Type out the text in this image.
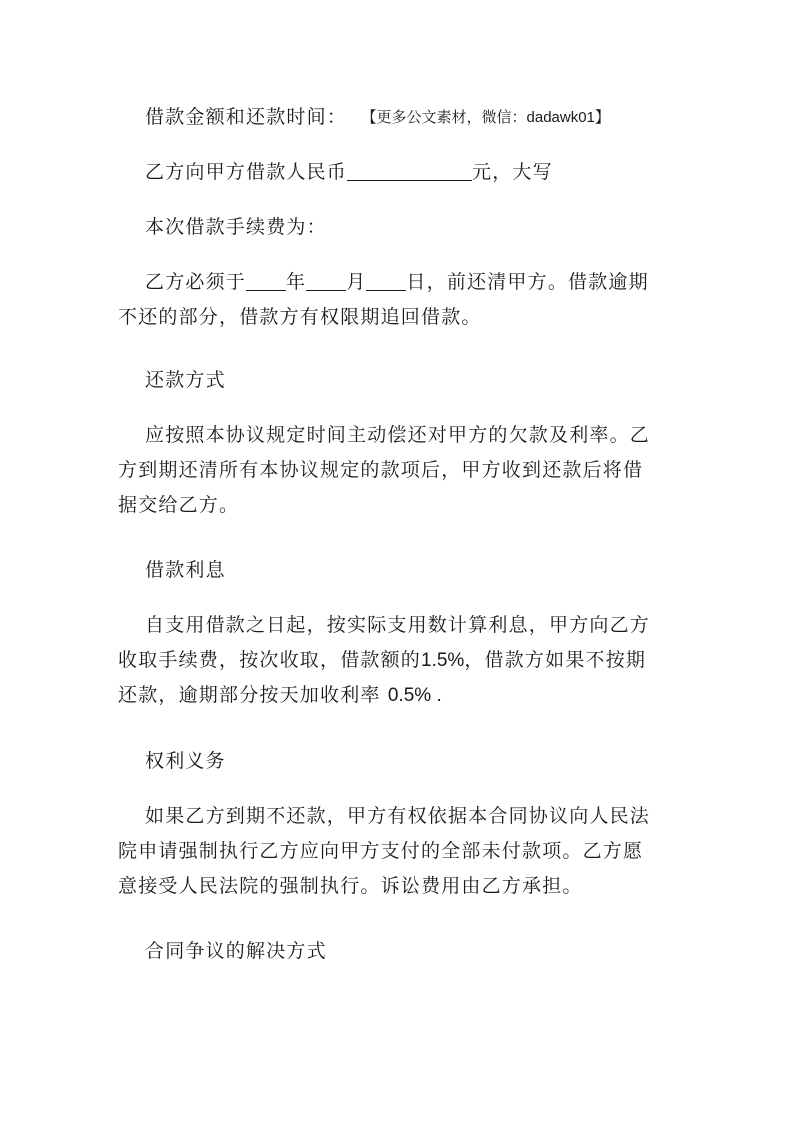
借款金额和还款时间： 【更多公文素材，微信：dadawk01】

乙方向甲方借款人民币	元，大写

本次借款手续费为：

乙方必须于 年 月 日，前还清甲方。借款逾期
不还的部分，借款方有权限期追回借款。

还款方式

应按照本协议规定时间主动偿还对甲方的欠款及利率。乙
方到期还清所有本协议规定的款项后，甲方收到还款后将借
据交给乙方。

借款利息

自支用借款之日起，按实际支用数计算利息，甲方向乙方
收取手续费，按次收取，借款额的1.5%，借款方如果不按期
还款，逾期部分按天加收利率 0.5% .

权利义务

如果乙方到期不还款，甲方有权依据本合同协议向人民法
院申请强制执行乙方应向甲方支付的全部未付款项。乙方愿
意接受人民法院的强制执行。诉讼费用由乙方承担。

合同争议的解决方式
